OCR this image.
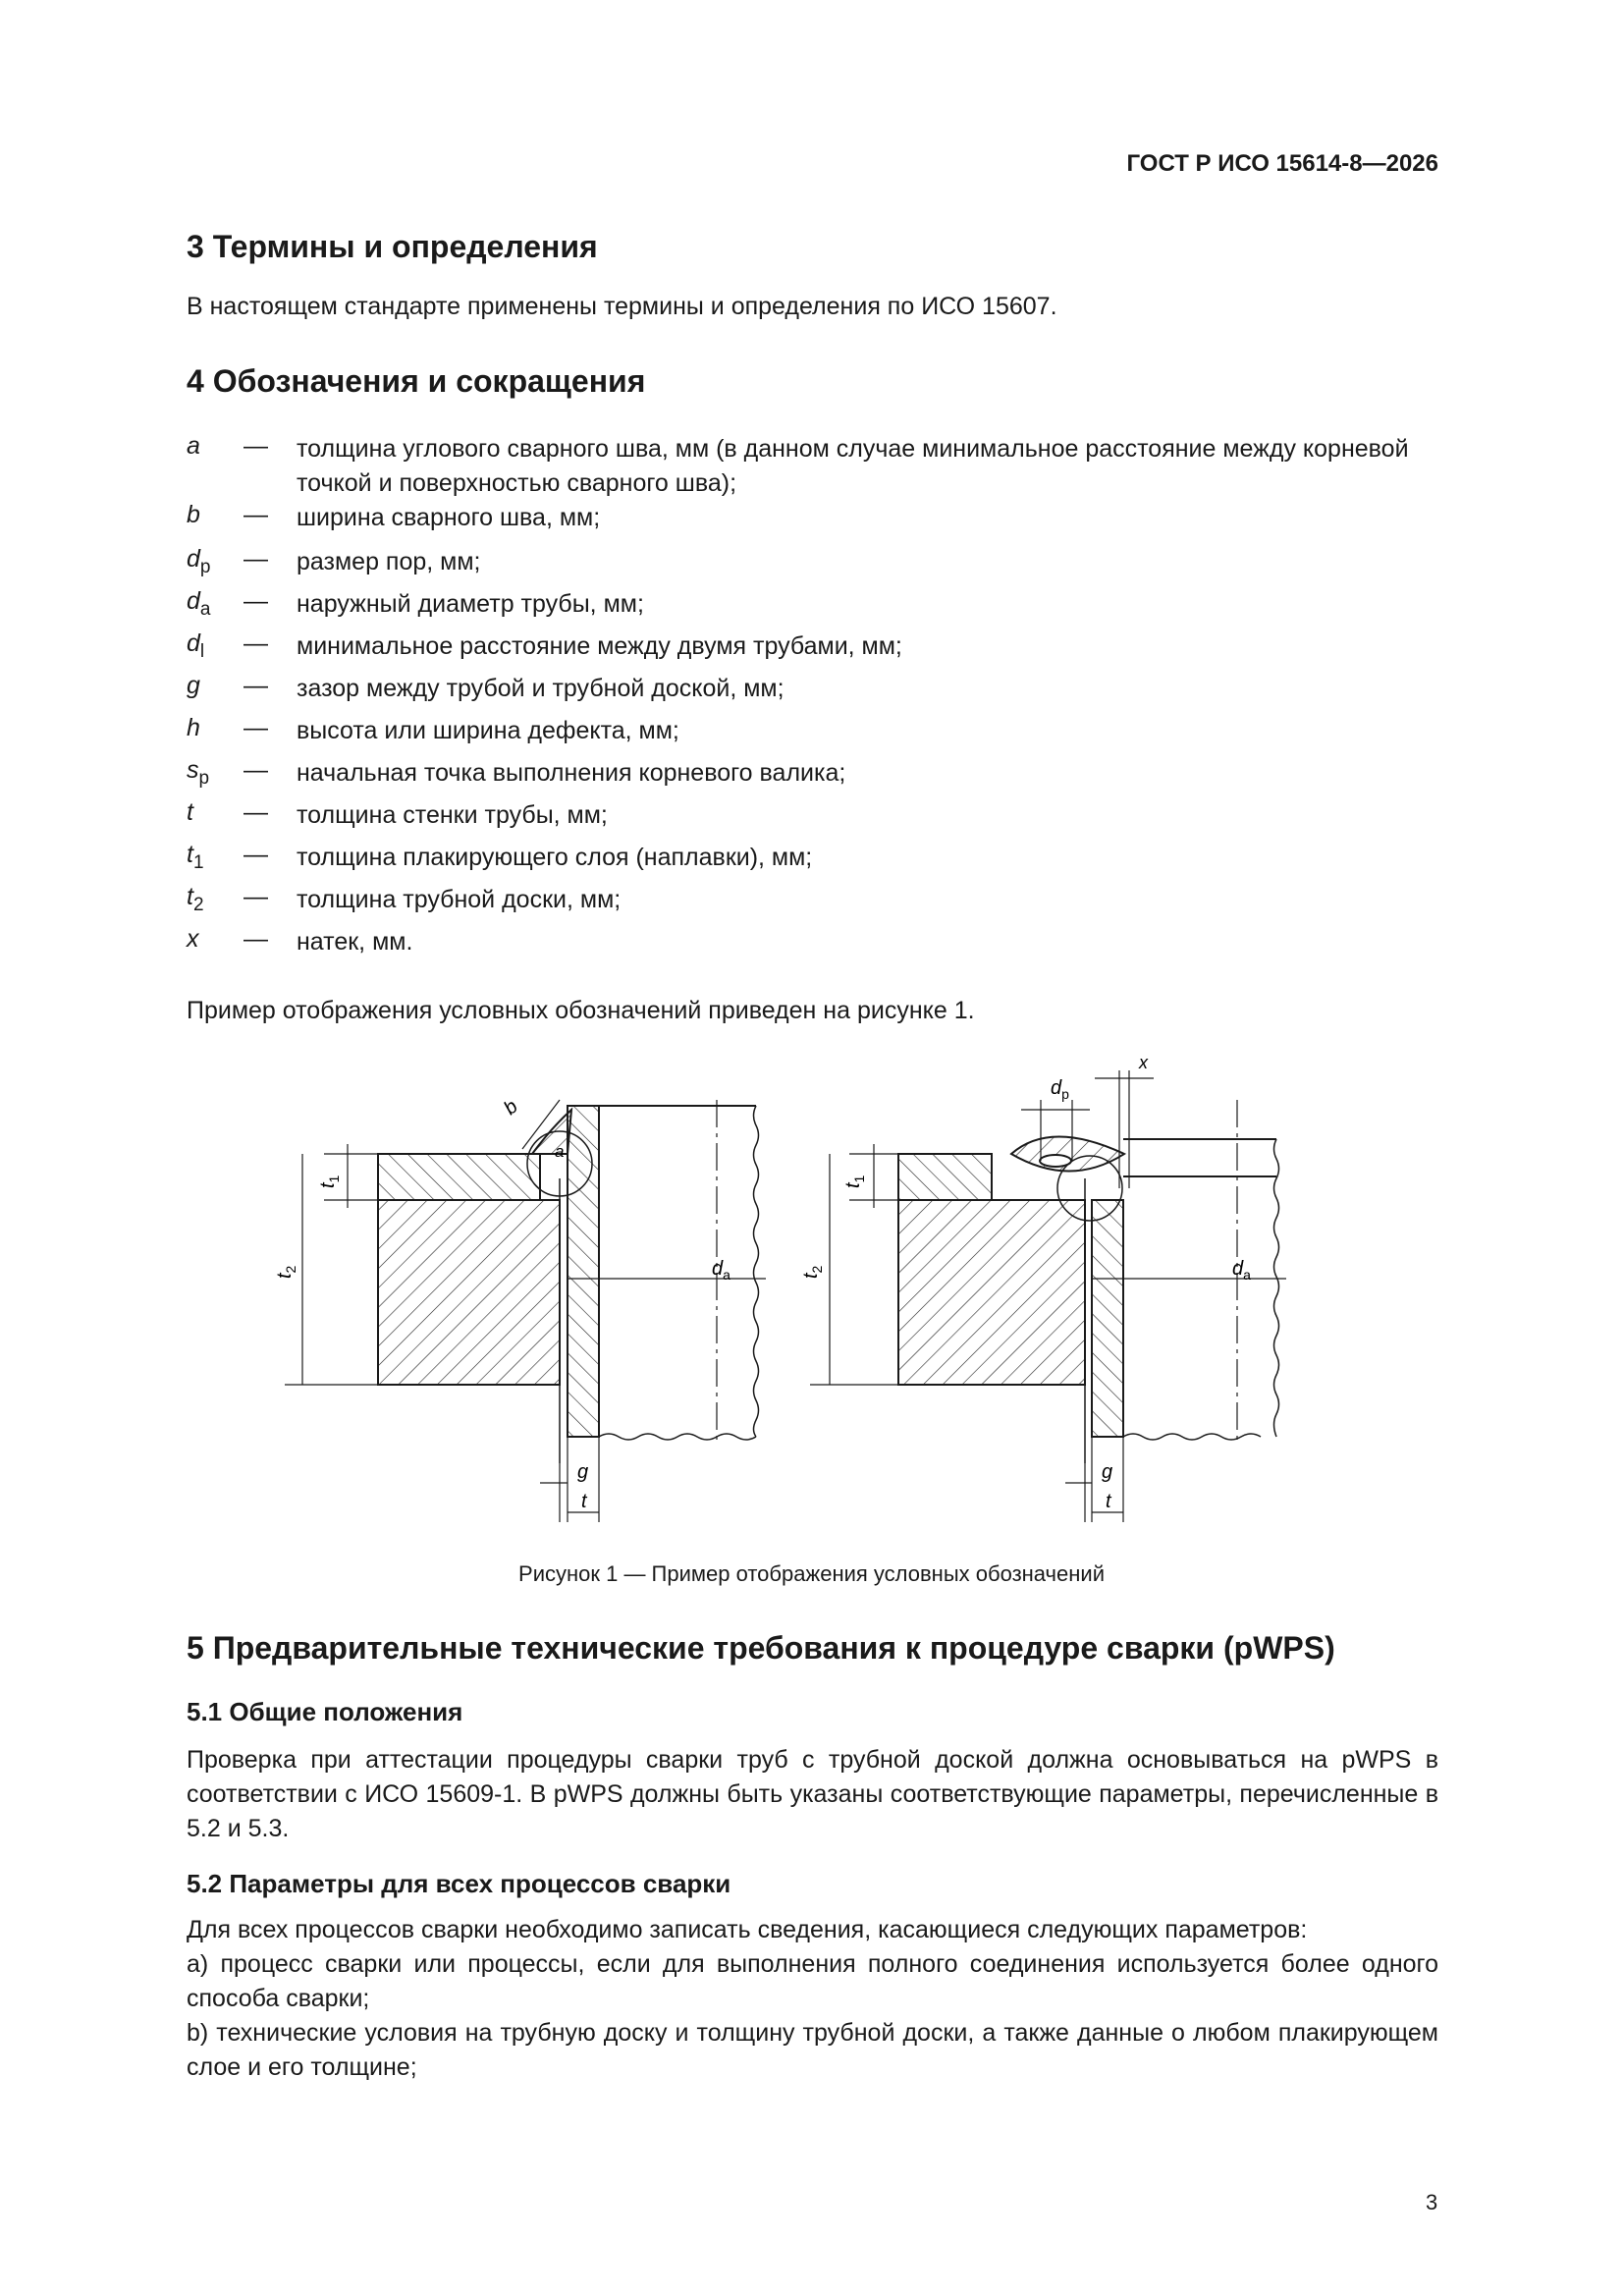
ГОСТ Р ИСО 15614-8—2026
3 Термины и определения
В настоящем стандарте применены термины и определения по ИСО 15607.
4 Обозначения и сокращения
a — толщина углового сварного шва, мм (в данном случае минимальное расстояние между корневой точкой и поверхностью сварного шва);
b — ширина сварного шва, мм;
$d_p$ — размер пор, мм;
$d_a$ — наружный диаметр трубы, мм;
$d_l$ — минимальное расстояние между двумя трубами, мм;
g — зазор между трубой и трубной доской, мм;
h — высота или ширина дефекта, мм;
$s_p$ — начальная точка выполнения корневого валика;
t — толщина стенки трубы, мм;
$t_1$ — толщина плакирующего слоя (наплавки), мм;
$t_2$ — толщина трубной доски, мм;
x — натек, мм.
Пример отображения условных обозначений приведен на рисунке 1.
b
a
$t_1$
$t_2$	$d_a$
g
t
$d_p$
x
$t_1$
$t_2$	$d_a$
g
t
Рисунок 1 — Пример отображения условных обозначений
5 Предварительные технические требования к процедуре сварки (pWPS)
5.1 Общие положения
Проверка при аттестации процедуры сварки труб с трубной доской должна основываться на pWPS в соответствии с ИСО 15609-1. В pWPS должны быть указаны соответствующие параметры, перечисленные в 5.2 и 5.3.
5.2 Параметры для всех процессов сварки
Для всех процессов сварки необходимо записать сведения, касающиеся следующих параметров:
a) процесс сварки или процессы, если для выполнения полного соединения используется более одного способа сварки;
b) технические условия на трубную доску и толщину трубной доски, а также данные о любом плакирующем слое и его толщине;
3
